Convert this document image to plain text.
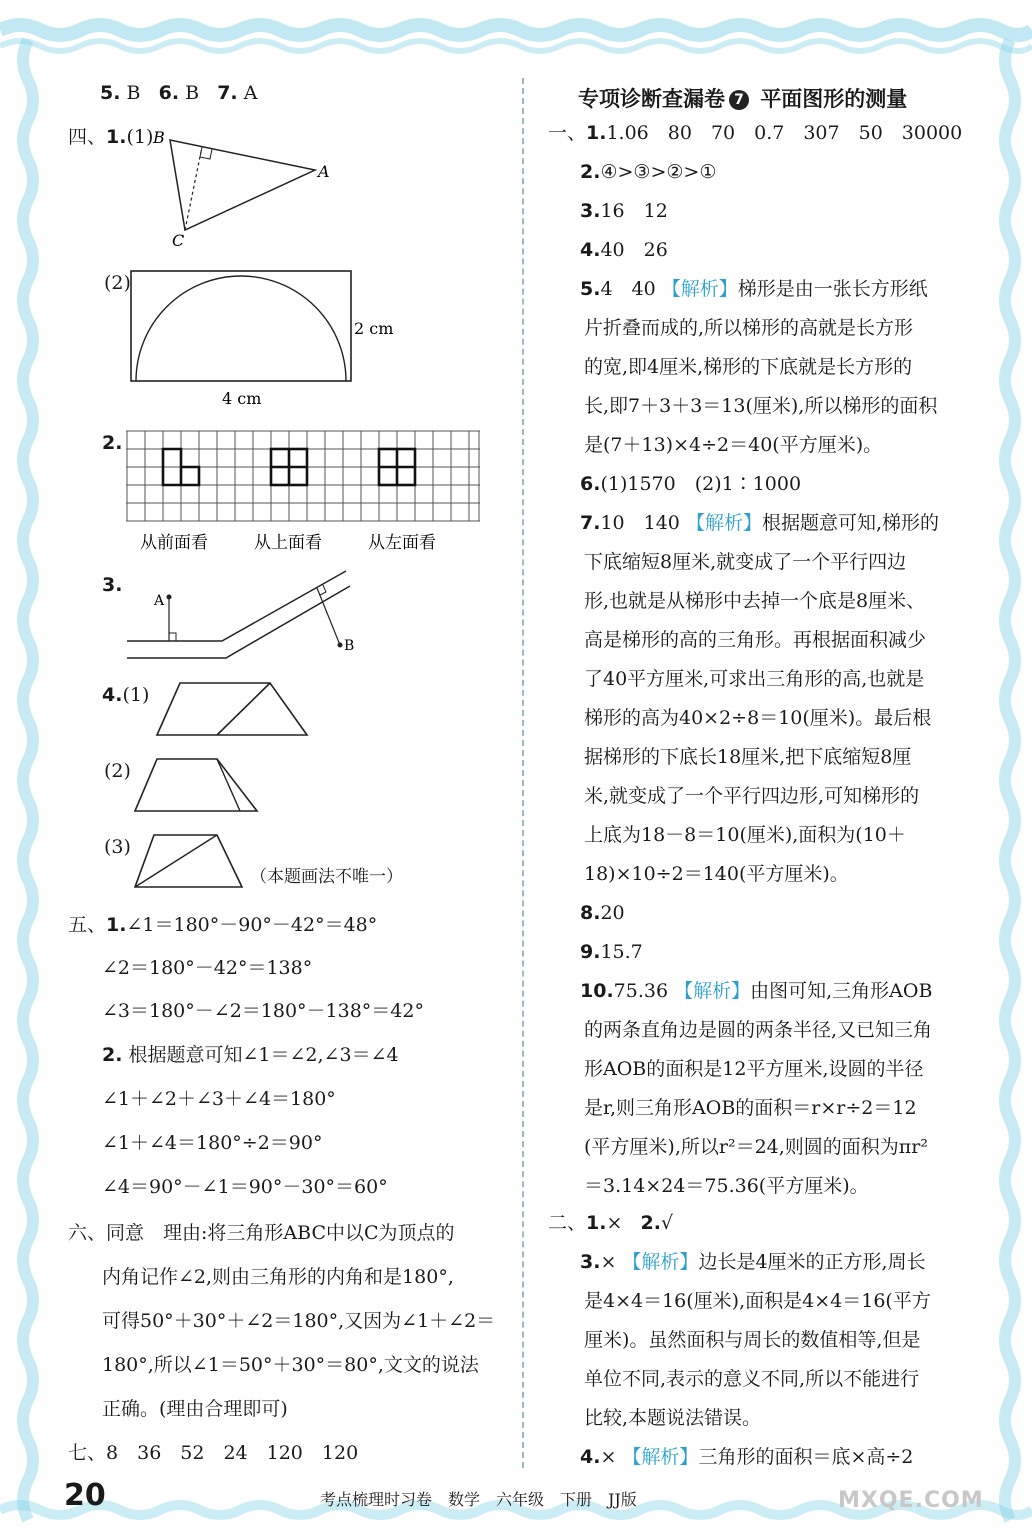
5. B 6. B 7. A
四、1.(1) B
A
C
(2)
2 cm
4 cm
2.
从前面看	从上面看	从左面看
3.
A
B
4.(1)
(2)
(3)
（本题画法不唯一）
五、1.∠1＝180°－90°－42°＝48°
∠2＝180°－42°＝138°
∠3＝180°－∠2＝180°－138°＝42°
2. 根据题意可知∠1＝∠2,∠3＝∠4
∠1＋∠2＋∠3＋∠4＝180°
∠1＋∠4＝180°÷2＝90°
∠4＝90°－∠1＝90°－30°＝60°
六、同意　理由:将三角形ABC中以C为顶点的
内角记作∠2,则由三角形的内角和是180°,
可得50°＋30°＋∠2＝180°,又因为∠1＋∠2＝
180°,所以∠1＝50°＋30°＝80°,文文的说法
正确。(理由合理即可)
七、8　36　52　24　120　120
专项诊断查漏卷 7 平面图形的测量
一、1.1.06　80　70　0.7　307　50　30000
2.④>③>②>①
3.16　12
4.40　26
5.4　40 【解析】梯形是由一张长方形纸
片折叠而成的,所以梯形的高就是长方形
的宽,即4厘米,梯形的下底就是长方形的
长,即7＋3＋3＝13(厘米),所以梯形的面积
是(7＋13)×4÷2＝40(平方厘米)。
6.(1)1570　(2)1∶1000
7.10　140 【解析】根据题意可知,梯形的
下底缩短8厘米,就变成了一个平行四边
形,也就是从梯形中去掉一个底是8厘米、
高是梯形的高的三角形。再根据面积减少
了40平方厘米,可求出三角形的高,也就是
梯形的高为40×2÷8＝10(厘米)。最后根
据梯形的下底长18厘米,把下底缩短8厘
米,就变成了一个平行四边形,可知梯形的
上底为18－8＝10(厘米),面积为(10＋
18)×10÷2＝140(平方厘米)。
8.20
9.15.7
10.75.36 【解析】由图可知,三角形AOB
的两条直角边是圆的两条半径,又已知三角
形AOB的面积是12平方厘米,设圆的半径
是r,则三角形AOB的面积＝r×r÷2＝12
(平方厘米),所以r²＝24,则圆的面积为πr²
＝3.14×24＝75.36(平方厘米)。
二、1.× 2.√
3.× 【解析】边长是4厘米的正方形,周长
是4×4＝16(厘米),面积是4×4＝16(平方
厘米)。虽然面积与周长的数值相等,但是
单位不同,表示的意义不同,所以不能进行
比较,本题说法错误。
4.× 【解析】三角形的面积＝底×高÷2
20	考点梳理时习卷　数学　六年级　下册　JJ版	MXQE.COM
